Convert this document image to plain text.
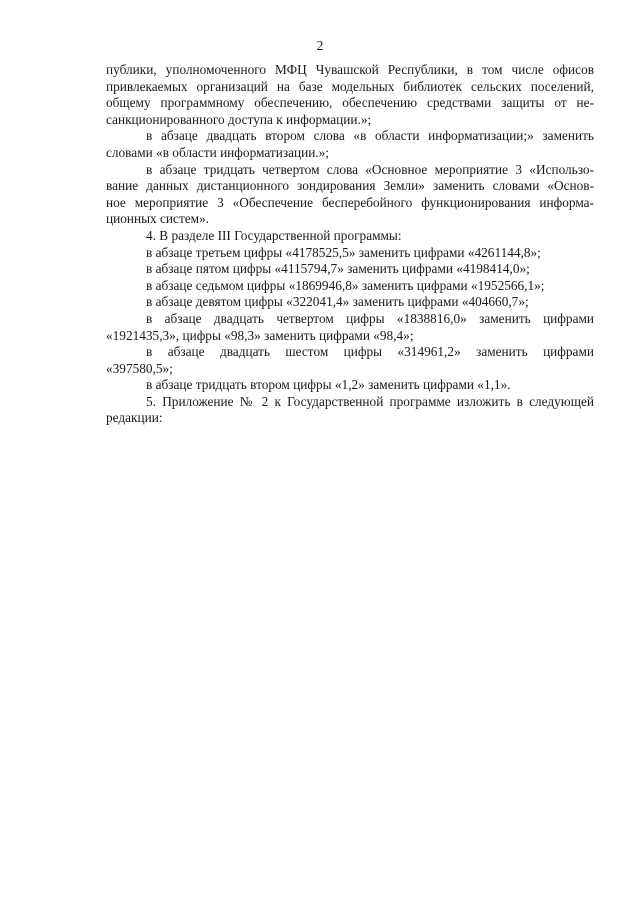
2
публики, уполномоченного МФЦ Чувашской Республики, в том числе офисов
привлекаемых организаций на базе модельных библиотек сельских поселений,
общему программному обеспечению, обеспечению средствами защиты от не-
санкционированного доступа к информации.»;
в абзаце двадцать втором слова «в области информатизации;» заменить
словами «в области информатизации.»;
в абзаце тридцать четвертом слова «Основное мероприятие 3 «Использо-
вание данных дистанционного зондирования Земли» заменить словами «Основ-
ное мероприятие 3 «Обеспечение бесперебойного функционирования информа-
ционных систем».
4. В разделе III Государственной программы:
в абзаце третьем цифры «4178525,5» заменить цифрами «4261144,8»;
в абзаце пятом цифры «4115794,7» заменить цифрами «4198414,0»;
в абзаце седьмом цифры «1869946,8» заменить цифрами «1952566,1»;
в абзаце девятом цифры «322041,4» заменить цифрами «404660,7»;
в абзаце двадцать четвертом цифры «1838816,0» заменить цифрами
«1921435,3», цифры «98,3» заменить цифрами «98,4»;
в абзаце двадцать шестом цифры «314961,2» заменить цифрами
«397580,5»;
в абзаце тридцать втором цифры «1,2» заменить цифрами «1,1».
5. Приложение № 2 к Государственной программе изложить в следующей
редакции:
